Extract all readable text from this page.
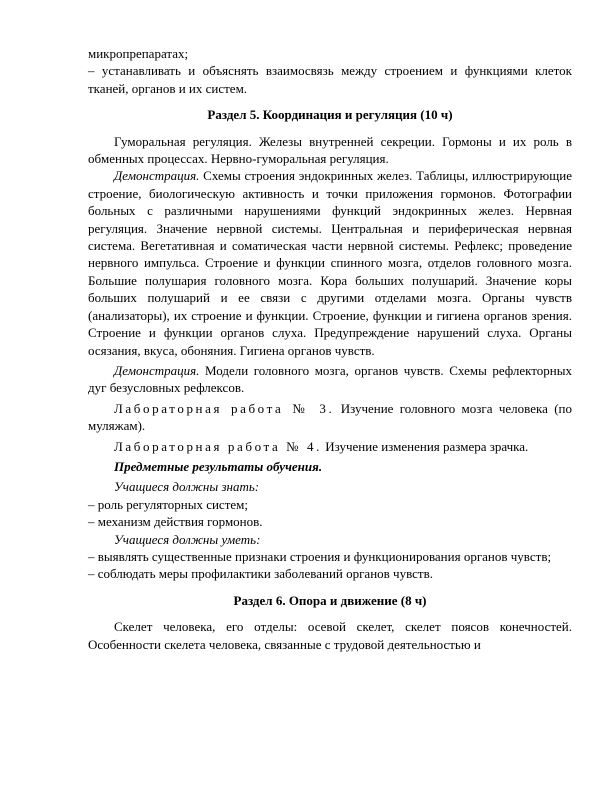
микропрепаратах;

– устанавливать и объяснять взаимосвязь между строением и функциями клеток тканей, органов и их систем.

Раздел 5. Координация и регуляция (10 ч)

Гуморальная регуляция. Железы внутренней секреции. Гормоны и их роль в обменных процессах. Нервно-гуморальная регуляция.

Демонстрация. Схемы строения эндокринных желез. Таблицы, иллюстрирующие строение, биологическую активность и точки приложения гормонов. Фотографии больных с различными нарушениями функций эндокринных желез. Нервная регуляция. Значение нервной системы. Центральная и периферическая нервная система. Вегетативная и соматическая части нервной системы. Рефлекс; проведение нервного импульса. Строение и функции спинного мозга, отделов головного мозга. Большие полушария головного мозга. Кора больших полушарий. Значение коры больших полушарий и ее связи с другими отделами мозга. Органы чувств (анализаторы), их строение и функции. Строение, функции и гигиена органов зрения. Строение и функции органов слуха. Предупреждение нарушений слуха. Органы осязания, вкуса, обоняния. Гигиена органов чувств.

Демонстрация. Модели головного мозга, органов чувств. Схемы рефлекторных дуг безусловных рефлексов.

Лабораторная работа № 3. Изучение головного мозга человека (по муляжам).

Лабораторная работа № 4. Изучение изменения размера зрачка.

Предметные результаты обучения.

Учащиеся должны знать:

– роль регуляторных систем;

– механизм действия гормонов.

Учащиеся должны уметь:

– выявлять существенные признаки строения и функционирования органов чувств;

– соблюдать меры профилактики заболеваний органов чувств.

Раздел 6. Опора и движение (8 ч)

Скелет человека, его отделы: осевой скелет, скелет поясов конечностей. Особенности скелета человека, связанные с трудовой деятельностью и
